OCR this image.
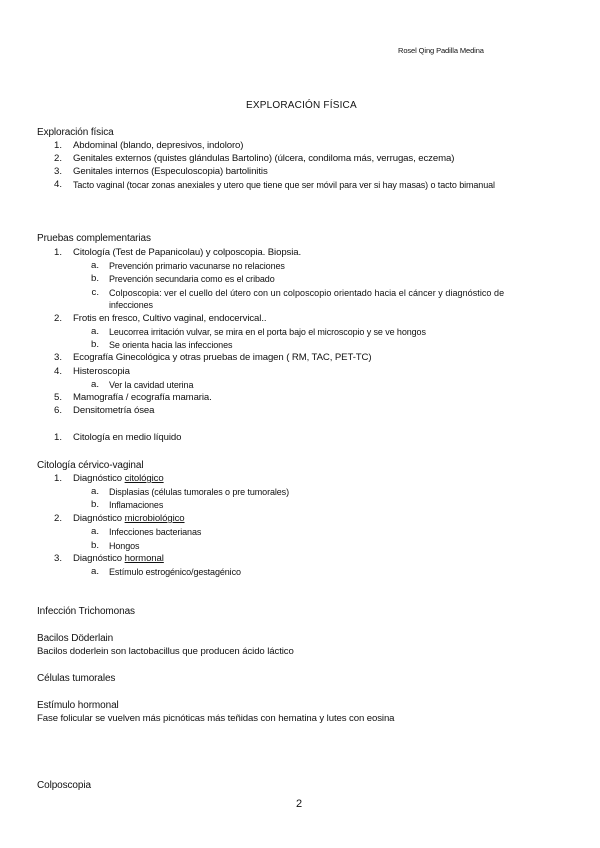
Rosel Qing Padilla Medina
EXPLORACIÓN FÍSICA
Exploración física
1. Abdominal (blando, depresivos, indoloro)
2. Genitales externos (quistes glándulas Bartolino) (úlcera, condiloma más, verrugas, eczema)
3. Genitales internos (Especuloscopia) bartolinitis
4. Tacto vaginal (tocar zonas anexiales y utero que tiene que ser móvil para ver si hay masas) o tacto bimanual
Pruebas complementarias
1. Citología (Test de Papanicolau) y colposcopia. Biopsia.
a. Prevención primario vacunarse no relaciones
b. Prevención secundaria como es el cribado
c. Colposcopia: ver el cuello del útero con un colposcopio orientado hacia el cáncer y diagnóstico de
infecciones
2. Frotis en fresco, Cultivo vaginal, endocervical..
a. Leucorrea irritación vulvar, se mira en el porta bajo el microscopio y se ve hongos
b. Se orienta hacia las infecciones
3. Ecografía Ginecológica y otras pruebas de imagen ( RM, TAC, PET-TC)
4. Histeroscopia
a. Ver la cavidad uterina
5. Mamografía / ecografía mamaria.
6. Densitometría ósea
1. Citología en medio líquido
Citología cérvico-vaginal
1. Diagnóstico citológico
a. Displasias (células tumorales o pre tumorales)
b. Inflamaciones
2. Diagnóstico microbiológico
a. Infecciones bacterianas
b. Hongos
3. Diagnóstico hormonal
a. Estímulo estrogénico/gestagénico
Infección Trichomonas
Bacilos Döderlain
Bacilos doderlein son lactobacillus que producen ácido láctico
Células tumorales
Estímulo hormonal
Fase folicular se vuelven más picnóticas más teñidas con hematina y lutes con eosina
Colposcopia
2
